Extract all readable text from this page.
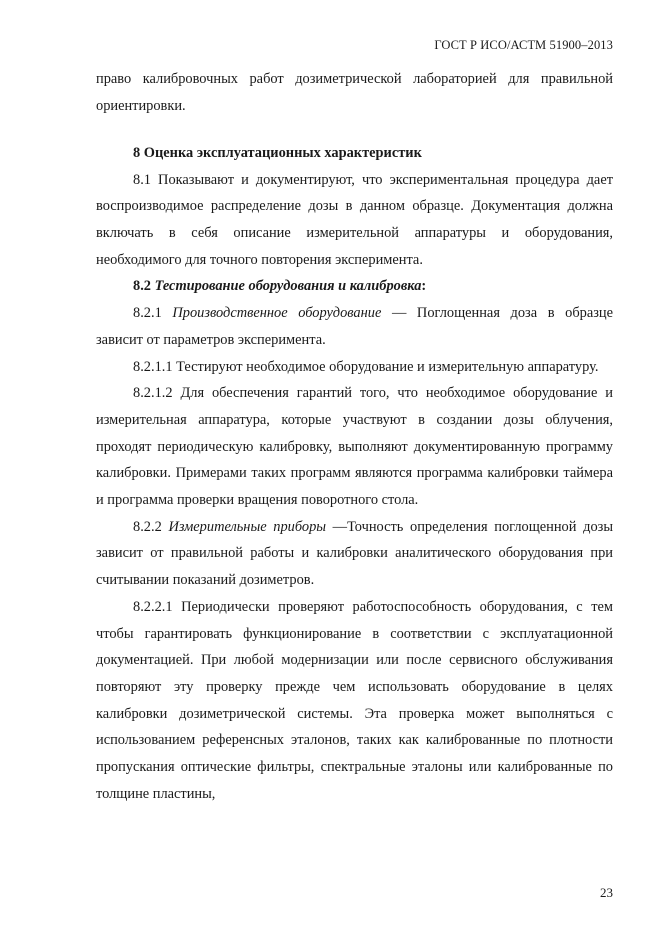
ГОСТ Р ИСО/АСТМ 51900–2013

право калибровочных работ дозиметрической лабораторией для правильной ориентировки.

8 Оценка эксплуатационных характеристик

8.1 Показывают и документируют, что экспериментальная процедура дает воспроизводимое распределение дозы в данном образце. Документация должна включать в себя описание измерительной аппаратуры и оборудования, необходимого для точного повторения эксперимента.

8.2 Тестирование оборудования и калибровка:

8.2.1 Производственное оборудование — Поглощенная доза в образце зависит от параметров эксперимента.

8.2.1.1 Тестируют необходимое оборудование и измерительную аппаратуру.

8.2.1.2 Для обеспечения гарантий того, что необходимое оборудование и измерительная аппаратура, которые участвуют в создании дозы облучения, проходят периодическую калибровку, выполняют документированную программу калибровки. Примерами таких программ являются программа калибровки таймера и программа проверки вращения поворотного стола.

8.2.2 Измерительные приборы —Точность определения поглощенной дозы зависит от правильной работы и калибровки аналитического оборудования при считывании показаний дозиметров.

8.2.2.1 Периодически проверяют работоспособность оборудования, с тем чтобы гарантировать функционирование в соответствии с эксплуатационной документацией. При любой модернизации или после сервисного обслуживания повторяют эту проверку прежде чем использовать оборудование в целях калибровки дозиметрической системы. Эта проверка может выполняться с использованием референсных эталонов, таких как калиброванные по плотности пропускания оптические фильтры, спектральные эталоны или калиброванные по толщине пластины,

23
